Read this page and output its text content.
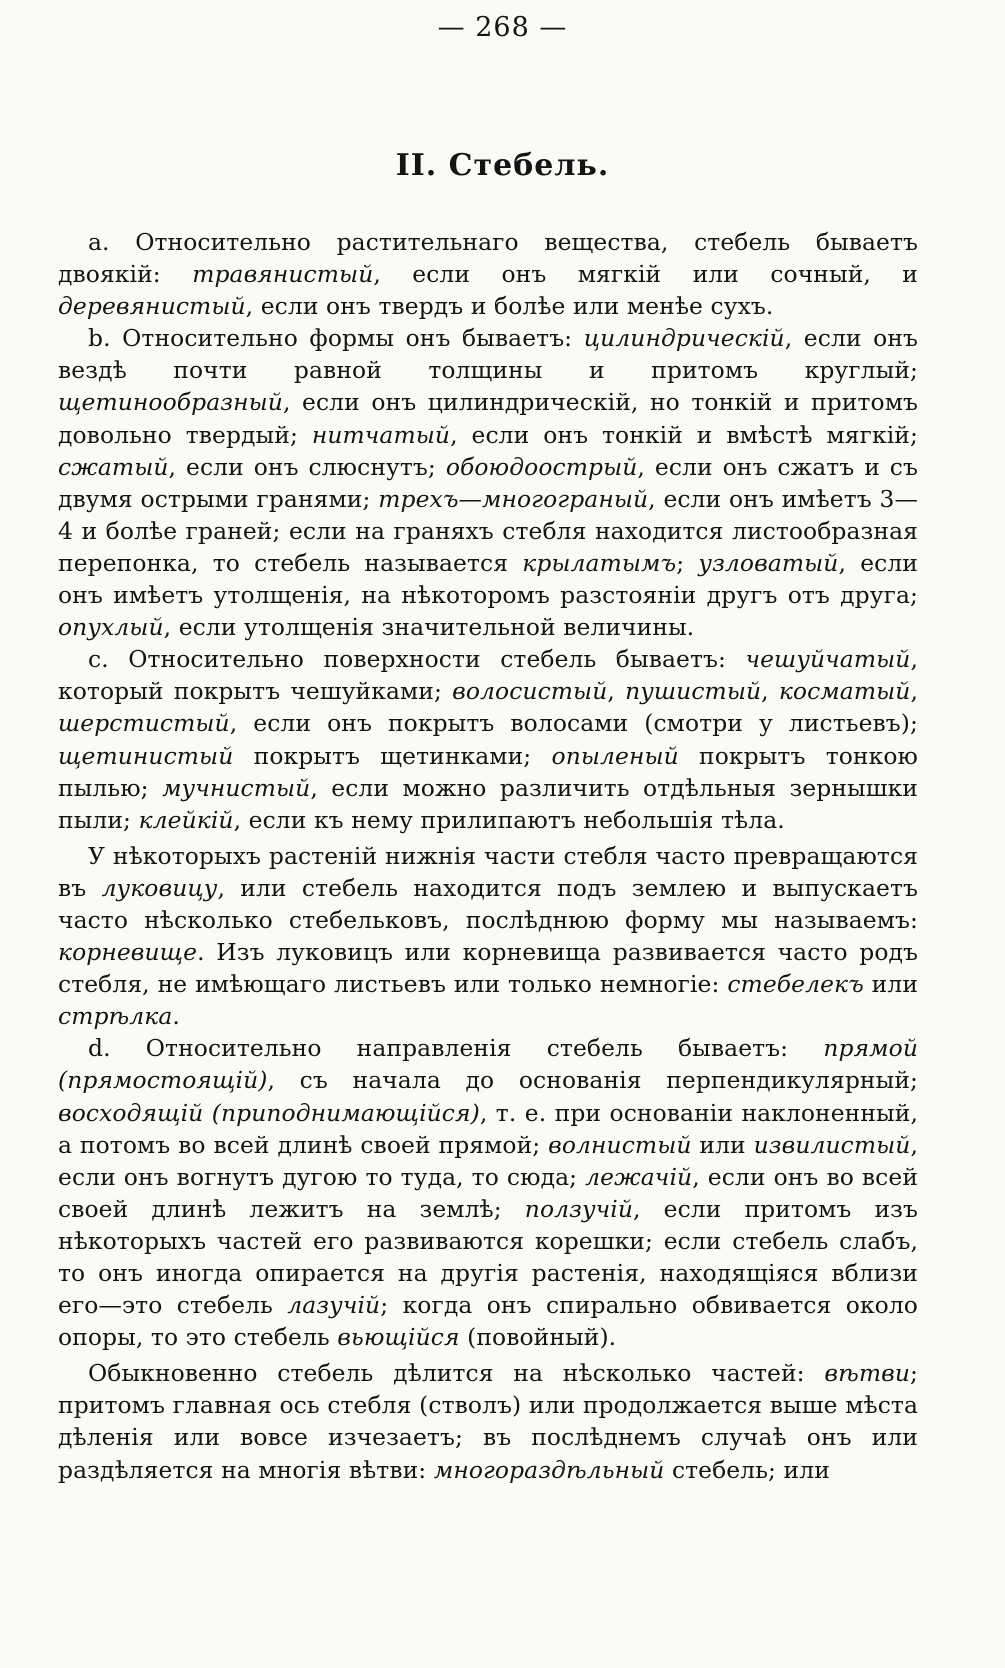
— 268 —
II. Стебель.

a. Относительно растительнаго вещества, стебель бываетъ двоякій: травянистый, если онъ мягкій или сочный, и деревянистый, если онъ твердъ и болѣе или менѣе сухъ.

b. Относительно формы онъ бываетъ: цилиндрическій, если онъ вездѣ почти равной толщины и притомъ круглый; щетинообразный, если онъ цилиндрическій, но тонкій и притомъ довольно твердый; нитчатый, если онъ тонкій и вмѣстѣ мягкій; сжатый, если онъ слюснутъ; обоюдоострый, если онъ сжатъ и съ двумя острыми гранями; трехъ—многограный, если онъ имѣетъ 3—4 и болѣе граней; если на граняхъ стебля находится листообразная перепонка, то стебель называется крылатымъ; узловатый, если онъ имѣетъ утолщенія, на нѣкоторомъ разстояніи другъ отъ друга; опухлый, если утолщенія значительной величины.

c. Относительно поверхности стебель бываетъ: чешуйчатый, который покрытъ чешуйками; волосистый, пушистый, косматый, шерстистый, если онъ покрытъ волосами (смотри у листьевъ); щетинистый покрытъ щетинками; опыленый покрытъ тонкою пылью; мучнистый, если можно различить отдѣльныя зернышки пыли; клейкій, если къ нему прилипаютъ небольшія тѣла.

У нѣкоторыхъ растеній нижнія части стебля часто превращаются въ луковицу, или стебель находится подъ землею и выпускаетъ часто нѣсколько стебельковъ, послѣднюю форму мы называемъ: корневище. Изъ луковицъ или корневища развивается часто родъ стебля, не имѣющаго листьевъ или только немногіе: стебелекъ или стрѣлка.

d. Относительно направленія стебель бываетъ: прямой (прямостоящій), съ начала до основанія перпендикулярный; восходящій (приподнимающійся), т. е. при основаніи наклоненный, а потомъ во всей длинѣ своей прямой; волнистый или извилистый, если онъ вогнутъ дугою то туда, то сюда; лежачій, если онъ во всей своей длинѣ лежитъ на землѣ; ползучій, если притомъ изъ нѣкоторыхъ частей его развиваются корешки; если стебель слабъ, то онъ иногда опирается на другія растенія, находящіяся вблизи его—это стебель лазучій; когда онъ спирально обвивается около опоры, то это стебель вьющійся (повойный).

Обыкновенно стебель дѣлится на нѣсколько частей: вѣтви; притомъ главная ось стебля (стволъ) или продолжается выше мѣста дѣленія или вовсе изчезаетъ; въ послѣднемъ случаѣ онъ или раздѣляется на многія вѣтви: многораздѣльный стебель; или
